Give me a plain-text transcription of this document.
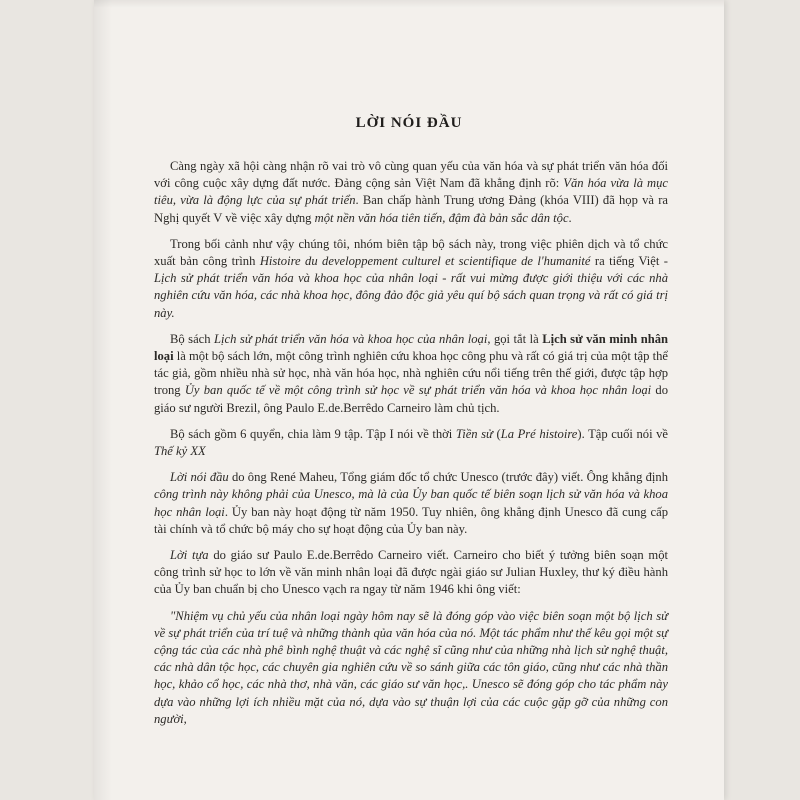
LỜI NÓI ĐẦU

Càng ngày xã hội càng nhận rõ vai trò vô cùng quan yếu của văn hóa và sự phát triển văn hóa đối với công cuộc xây dựng đất nước. Đảng cộng sản Việt Nam đã khẳng định rõ: Văn hóa vừa là mục tiêu, vừa là động lực của sự phát triển. Ban chấp hành Trung ương Đảng (khóa VIII) đã họp và ra Nghị quyết V về việc xây dựng một nền văn hóa tiên tiến, đậm đà bản sắc dân tộc.

Trong bối cảnh như vậy chúng tôi, nhóm biên tập bộ sách này, trong việc phiên dịch và tổ chức xuất bản công trình Histoire du developpement culturel et scientifique de l'humanité ra tiếng Việt - Lịch sử phát triển văn hóa và khoa học của nhân loại - rất vui mừng được giới thiệu với các nhà nghiên cứu văn hóa, các nhà khoa học, đông đảo độc giả yêu quí bộ sách quan trọng và rất có giá trị này.

Bộ sách Lịch sử phát triển văn hóa và khoa học của nhân loại, gọi tắt là Lịch sử văn minh nhân loại là một bộ sách lớn, một công trình nghiên cứu khoa học công phu và rất có giá trị của một tập thể tác giả, gồm nhiều nhà sử học, nhà văn hóa học, nhà nghiên cứu nổi tiếng trên thế giới, được tập hợp trong Ủy ban quốc tế về một công trình sử học về sự phát triển văn hóa và khoa học nhân loại do giáo sư người Brezil, ông Paulo E.de.Berrêdo Carneiro làm chủ tịch.

Bộ sách gồm 6 quyển, chia làm 9 tập. Tập I nói về thời Tiền sử (La Pré histoire). Tập cuối nói về Thế kỷ XX

Lời nói đầu do ông René Maheu, Tổng giám đốc tổ chức Unesco (trước đây) viết. Ông khẳng định công trình này không phải của Unesco, mà là của Ủy ban quốc tế biên soạn lịch sử văn hóa và khoa học nhân loại. Ủy ban này hoạt động từ năm 1950. Tuy nhiên, ông khẳng định Unesco đã cung cấp tài chính và tổ chức bộ máy cho sự hoạt động của Ủy ban này.

Lời tựa do giáo sư Paulo E.de.Berrêdo Carneiro viết. Carneiro cho biết ý tưởng biên soạn một công trình sử học to lớn về văn minh nhân loại đã được ngài giáo sư Julian Huxley, thư ký điều hành của Ủy ban chuẩn bị cho Unesco vạch ra ngay từ năm 1946 khi ông viết:

"Nhiệm vụ chủ yếu của nhân loại ngày hôm nay sẽ là đóng góp vào việc biên soạn một bộ lịch sử về sự phát triển của trí tuệ và những thành qủa văn hóa của nó. Một tác phẩm như thế kêu gọi một sự cộng tác của các nhà phê bình nghệ thuật và các nghệ sĩ cũng như của những nhà lịch sử nghệ thuật, các nhà dân tộc học, các chuyên gia nghiên cứu về so sánh giữa các tôn giáo, cũng như các nhà thần học, khảo cổ học, các nhà thơ, nhà văn, các giáo sư văn học,. Unesco sẽ đóng góp cho tác phẩm này dựa vào những lợi ích nhiều mặt của nó, dựa vào sự thuận lợi của các cuộc gặp gỡ của những con người,
